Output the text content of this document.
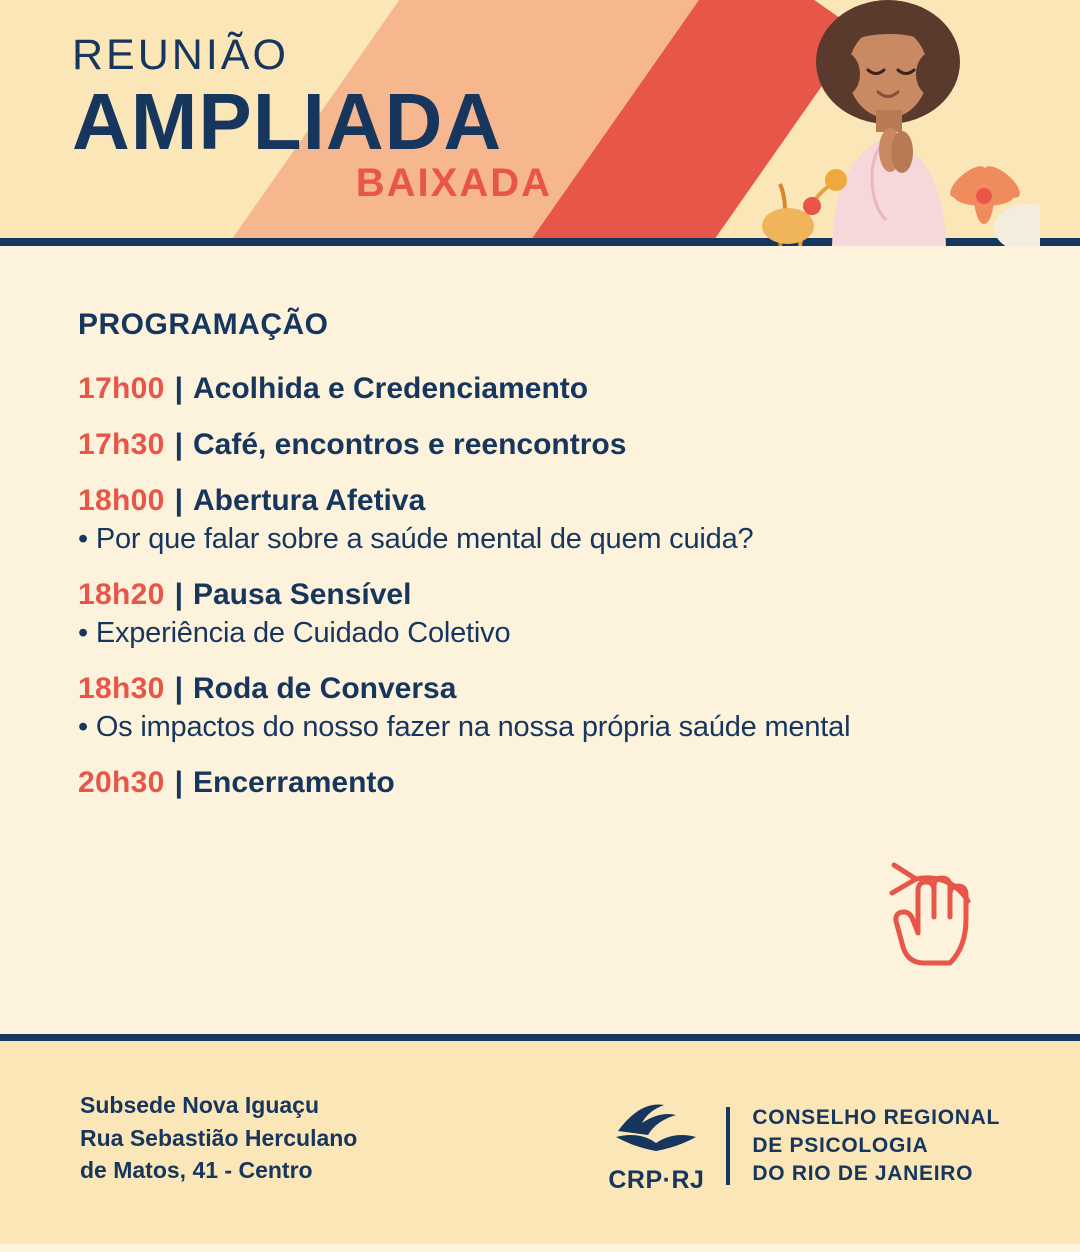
REUNIÃO
AMPLIADA
BAIXADA
PROGRAMAÇÃO
17h00 | Acolhida e Credenciamento
17h30 | Café, encontros e reencontros
18h00 | Abertura Afetiva
• Por que falar sobre a saúde mental de quem cuida?
18h20 | Pausa Sensível
• Experiência de Cuidado Coletivo
18h30 | Roda de Conversa
• Os impactos do nosso fazer na nossa própria saúde mental
20h30 | Encerramento
Subsede Nova Iguaçu
Rua Sebastião Herculano
de Matos, 41 - Centro	CRP·RJ
CONSELHO REGIONAL
DE PSICOLOGIA
DO RIO DE JANEIRO
